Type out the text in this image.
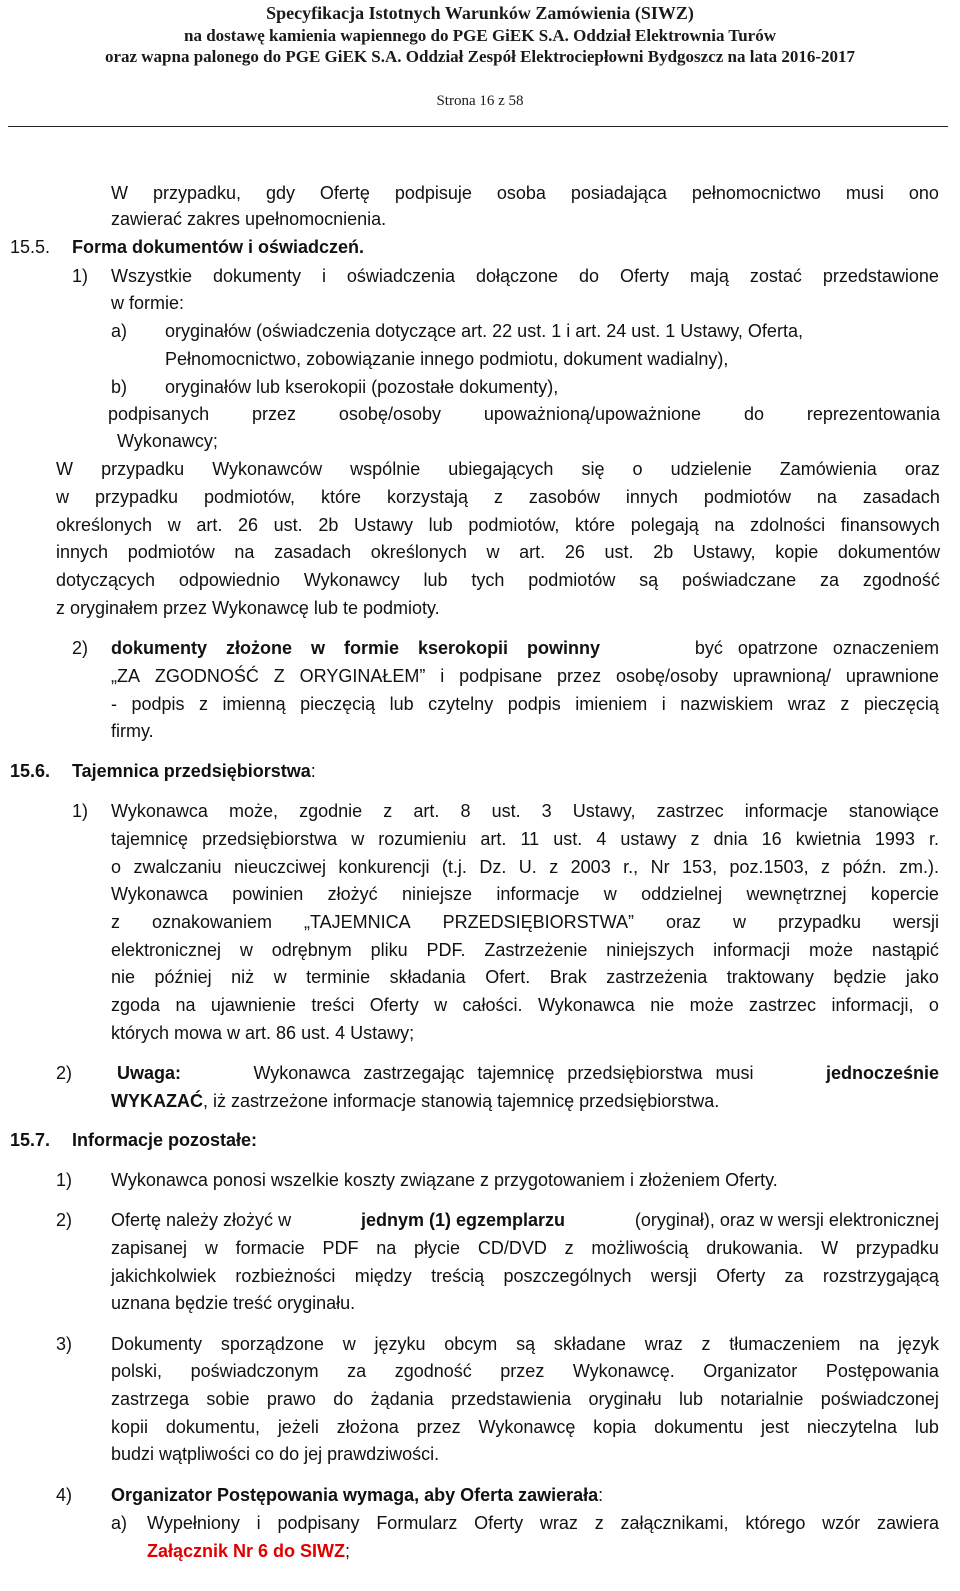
Specyfikacja Istotnych Warunków Zamówienia (SIWZ)
na dostawę kamienia wapiennego do PGE GiEK S.A. Oddział Elektrownia Turów
oraz wapna palonego do PGE GiEK S.A. Oddział Zespół Elektrociepłowni Bydgoszcz na lata 2016-2017
Strona 16 z 58
W przypadku, gdy Ofertę podpisuje osoba posiadająca pełnomocnictwo musi ono
zawierać zakres upełnomocnienia.
15.5. Forma dokumentów i oświadczeń.
1) Wszystkie dokumenty i oświadczenia dołączone do Oferty mają zostać przedstawione
w formie:
a) oryginałów (oświadczenia dotyczące art. 22 ust. 1 i art. 24 ust. 1 Ustawy, Oferta,
Pełnomocnictwo, zobowiązanie innego podmiotu, dokument wadialny),
b) oryginałów lub kserokopii (pozostałe dokumenty),
podpisanych przez osobę/osoby upoważnioną/upoważnione do reprezentowania
Wykonawcy;
W przypadku Wykonawców wspólnie ubiegających się o udzielenie Zamówienia oraz
w przypadku podmiotów, które korzystają z zasobów innych podmiotów na zasadach
określonych w art. 26 ust. 2b Ustawy lub podmiotów, które polegają na zdolności finansowych
innych podmiotów na zasadach określonych w art. 26 ust. 2b Ustawy, kopie dokumentów
dotyczących odpowiednio Wykonawcy lub tych podmiotów są poświadczane za zgodność
z oryginałem przez Wykonawcę lub te podmioty.
2) dokumenty złożone w formie kserokopii powinny	być opatrzone oznaczeniem
„ZA ZGODNOŚĆ Z ORYGINAŁEM” i podpisane przez osobę/osoby uprawnioną/ uprawnione
- podpis z imienną pieczęcią lub czytelny podpis imieniem i nazwiskiem wraz z pieczęcią
firmy.
15.6. Tajemnica przedsiębiorstwa:
1) Wykonawca może, zgodnie z art. 8 ust. 3 Ustawy, zastrzec informacje stanowiące
tajemnicę przedsiębiorstwa w rozumieniu art. 11 ust. 4 ustawy z dnia 16 kwietnia 1993 r.
o zwalczaniu nieuczciwej konkurencji (t.j. Dz. U. z 2003 r., Nr 153, poz.1503, z późn. zm.).
Wykonawca powinien złożyć niniejsze informacje w oddzielnej wewnętrznej kopercie
z oznakowaniem „TAJEMNICA PRZEDSIĘBIORSTWA” oraz w przypadku wersji
elektronicznej w odrębnym pliku PDF. Zastrzeżenie niniejszych informacji może nastąpić
nie później niż w terminie składania Ofert. Brak zastrzeżenia traktowany będzie jako
zgoda na ujawnienie treści Oferty w całości. Wykonawca nie może zastrzec informacji, o
których mowa w art. 86 ust. 4 Ustawy;
2) Uwaga:	Wykonawca zastrzegając tajemnicę przedsiębiorstwa musi	jednocześnie
WYKAZAĆ, iż zastrzeżone informacje stanowią tajemnicę przedsiębiorstwa.
15.7. Informacje pozostałe:
1) Wykonawca ponosi wszelkie koszty związane z przygotowaniem i złożeniem Oferty.
2) Ofertę należy złożyć w	jednym (1) egzemplarzu	(oryginał), oraz w wersji elektronicznej
zapisanej w formacie PDF na płycie CD/DVD z możliwością drukowania. W przypadku
jakichkolwiek rozbieżności między treścią poszczególnych wersji Oferty za rozstrzygającą
uznana będzie treść oryginału.
3) Dokumenty sporządzone w języku obcym są składane wraz z tłumaczeniem na język
polski, poświadczonym za zgodność przez Wykonawcę. Organizator Postępowania
zastrzega sobie prawo do żądania przedstawienia oryginału lub notarialnie poświadczonej
kopii dokumentu, jeżeli złożona przez Wykonawcę kopia dokumentu jest nieczytelna lub
budzi wątpliwości co do jej prawdziwości.
4) Organizator Postępowania wymaga, aby Oferta zawierała:
a) Wypełniony i podpisany Formularz Oferty wraz z załącznikami, którego wzór zawiera
Załącznik Nr 6 do SIWZ;
